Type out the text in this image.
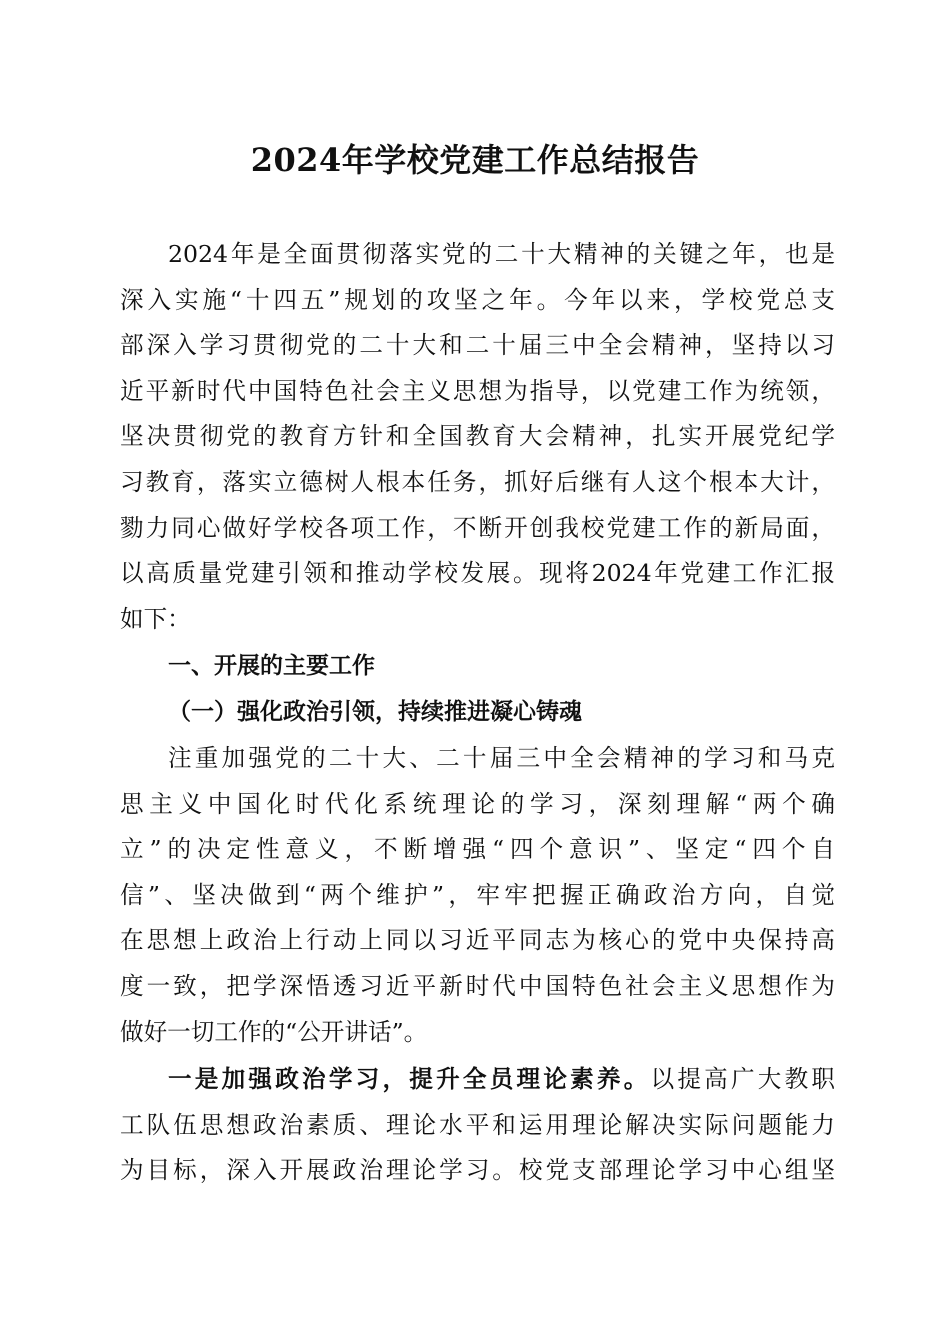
2024年学校党建工作总结报告
2024年是全面贯彻落实党的二十大精神的关键之年，也是
深入实施“十四五”规划的攻坚之年。今年以来，学校党总支
部深入学习贯彻党的二十大和二十届三中全会精神，坚持以习
近平新时代中国特色社会主义思想为指导，以党建工作为统领，
坚决贯彻党的教育方针和全国教育大会精神，扎实开展党纪学
习教育，落实立德树人根本任务，抓好后继有人这个根本大计，
勠力同心做好学校各项工作，不断开创我校党建工作的新局面，
以高质量党建引领和推动学校发展。现将2024年党建工作汇报
如下：
一、开展的主要工作
（一）强化政治引领，持续推进凝心铸魂
注重加强党的二十大、二十届三中全会精神的学习和马克
思主义中国化时代化系统理论的学习，深刻理解“两个确
立”的决定性意义，不断增强“四个意识”、坚定“四个自
信”、坚决做到“两个维护”，牢牢把握正确政治方向，自觉
在思想上政治上行动上同以习近平同志为核心的党中央保持高
度一致，把学深悟透习近平新时代中国特色社会主义思想作为
做好一切工作的“公开讲话”。
一是加强政治学习，提升全员理论素养。以提高广大教职
工队伍思想政治素质、理论水平和运用理论解决实际问题能力
为目标，深入开展政治理论学习。校党支部理论学习中心组坚
